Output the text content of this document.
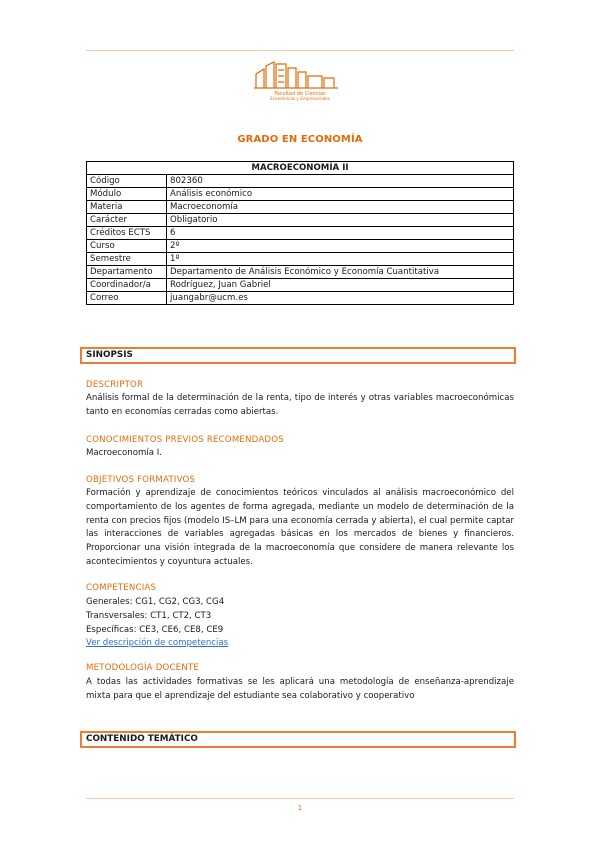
Facultad de Ciencias
Económicas y Empresariales
· · · · · · · · · · · · · ·
GRADO EN ECONOMÍA
MACROECONOMÍA II	
Código	802360
Módulo	Análisis económico
Materia	Macroeconomía
Carácter	Obligatorio
Créditos ECTS	6
Curso	2º
Semestre	1º
Departamento	Departamento de Análisis Económico y Economía Cuantitativa
Coordinador/a	Rodríguez, Juan Gabriel
Correo	juangabr@ucm.es
SINOPSIS
DESCRIPTOR
Análisis formal de la determinación de la renta, tipo de interés y otras variables macroeconómicas tanto en economías cerradas como abiertas.
CONOCIMIENTOS PREVIOS RECOMENDADOS
Macroeconomía I.
OBJETIVOS FORMATIVOS
Formación y aprendizaje de conocimientos teóricos vinculados al análisis macroeconómico del comportamiento de los agentes de forma agregada, mediante un modelo de determinación de la renta con precios fijos (modelo IS–LM para una economía cerrada y abierta), el cual permite captar las interacciones de variables agregadas básicas en los mercados de bienes y financieros. Proporcionar una visión integrada de la macroeconomía que considere de manera relevante los acontecimientos y coyuntura actuales.
COMPETENCIAS
Generales: CG1, CG2, CG3, CG4
Transversales: CT1, CT2, CT3
Específicas: CE3, CE6, CE8, CE9
Ver descripción de competencias
METODOLOGÍA DOCENTE
A todas las actividades formativas se les aplicará una metodología de enseñanza-aprendizaje mixta para que el aprendizaje del estudiante sea colaborativo y cooperativo
CONTENIDO TEMÁTICO
1
